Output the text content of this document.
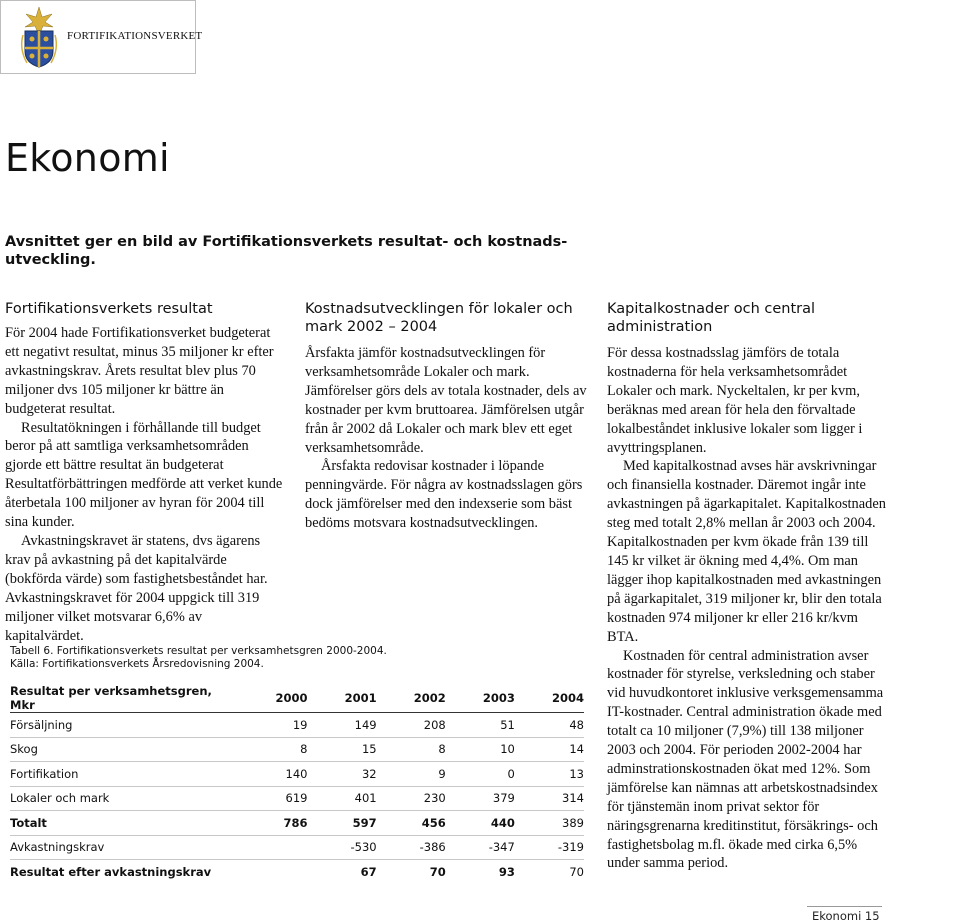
FORTIFIKATIONSVERKET
Ekonomi
Avsnittet ger en bild av Fortifikationsverkets resultat- och kostnads-utveckling.
Fortifikationsverkets resultat

För 2004 hade Fortifikationsverket budgeterat ett negativt resultat, minus 35 miljoner kr efter avkastningskrav. Årets resultat blev plus 70 miljoner dvs 105 miljoner kr bättre än budgeterat resultat.

Resultatökningen i förhållande till budget beror på att samtliga verksamhetsområden gjorde ett bättre resultat än budgeterat Resultatförbättringen medförde att verket kunde återbetala 100 miljoner av hyran för 2004 till sina kunder.

Avkastningskravet är statens, dvs ägarens krav på avkastning på det kapitalvärde (bokförda värde) som fastighetsbeståndet har. Avkastningskravet för 2004 uppgick till 319 miljoner vilket motsvarar 6,6% av kapitalvärdet.

Kostnadsutvecklingen för lokaler och mark 2002 – 2004

Årsfakta jämför kostnadsutvecklingen för verksamhetsområde Lokaler och mark. Jämförelser görs dels av totala kostnader, dels av kostnader per kvm bruttoarea. Jämförelsen utgår från år 2002 då Lokaler och mark blev ett eget verksamhetsområde.

Årsfakta redovisar kostnader i löpande penningvärde. För några av kostnadsslagen görs dock jämförelser med den indexserie som bäst bedöms motsvara kostnadsutvecklingen.

Kapitalkostnader och central administration

För dessa kostnadsslag jämförs de totala kostnaderna för hela verksamhetsområdet Lokaler och mark. Nyckeltalen, kr per kvm, beräknas med arean för hela den förvaltade lokalbeståndet inklusive lokaler som ligger i avyttringsplanen.

Med kapitalkostnad avses här avskrivningar och finansiella kostnader. Däremot ingår inte avkastningen på ägarkapitalet. Kapitalkostnaden steg med totalt 2,8% mellan år 2003 och 2004. Kapitalkostnaden per kvm ökade från 139 till 145 kr vilket är ökning med 4,4%. Om man lägger ihop kapitalkostnaden med avkastningen på ägarkapitalet, 319 miljoner kr, blir den totala kostnaden 974 miljoner kr eller 216 kr/kvm BTA.

Kostnaden för central administration avser kostnader för styrelse, verksledning och staber vid huvudkontoret inklusive verksgemensamma IT-kostnader. Central administration ökade med totalt ca 10 miljoner (7,9%) till 138 miljoner 2003 och 2004. För perioden 2002-2004 har adminstrationskostnaden ökat med 12%. Som jämförelse kan nämnas att arbetskostnadsindex för tjänstemän inom privat sektor för näringsgrenarna kreditinstitut, försäkrings- och fastighetsbolag m.fl. ökade med cirka 6,5% under samma period.

Tabell 6. Fortifikationsverkets resultat per verksamhetsgren 2000-2004.
Källa: Fortifikationsverkets Årsredovisning 2004.
Resultat per verksamhetsgren, Mkr	2000	2001	2002	2003	2004
Försäljning	19	149	208	51	48
Skog	8	15	8	10	14
Fortifikation	140	32	9	0	13
Lokaler och mark	619	401	230	379	314
Totalt	786	597	456	440	389
Avkastningskrav		-530	-386	-347	-319
Resultat efter avkastningskrav		67	70	93	70
Ekonomi 15
